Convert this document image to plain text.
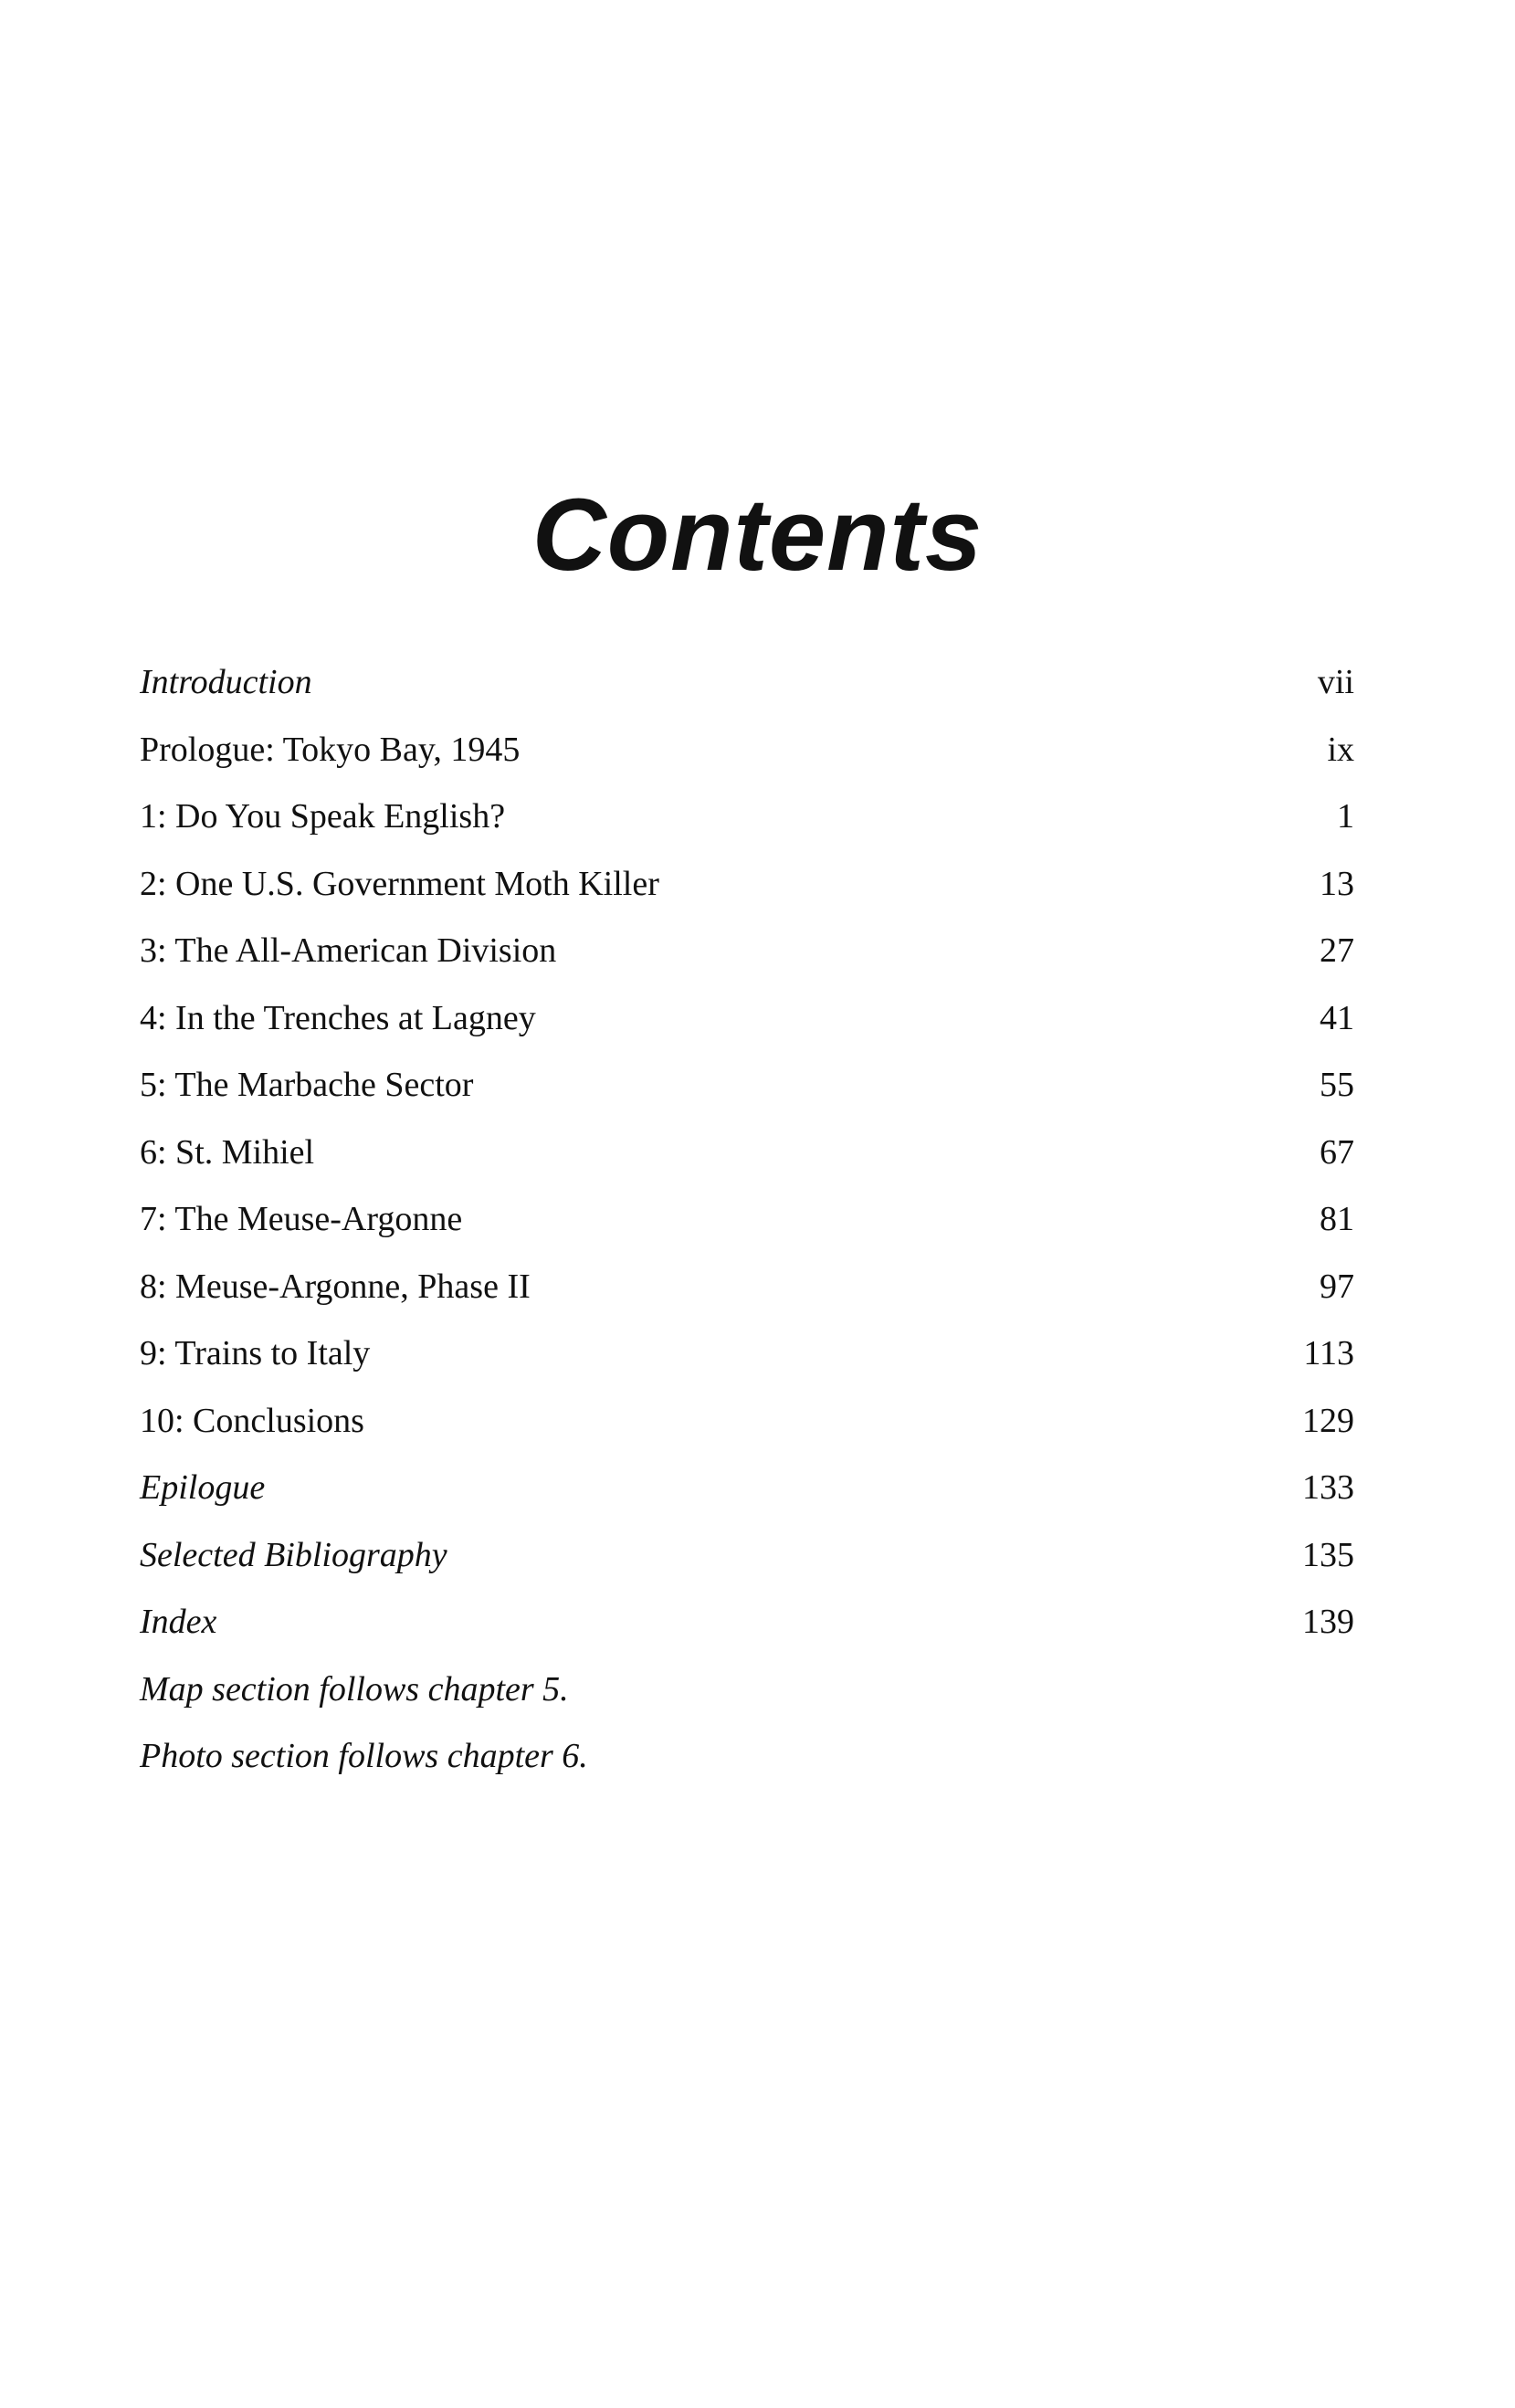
Contents
Introduction	vii
Prologue: Tokyo Bay, 1945	ix
1: Do You Speak English?	1
2: One U.S. Government Moth Killer	13
3: The All-American Division	27
4: In the Trenches at Lagney	41
5: The Marbache Sector	55
6: St. Mihiel	67
7: The Meuse-Argonne	81
8: Meuse-Argonne, Phase II	97
9: Trains to Italy	113
10: Conclusions	129
Epilogue	133
Selected Bibliography	135
Index	139
Map section follows chapter 5.
Photo section follows chapter 6.
